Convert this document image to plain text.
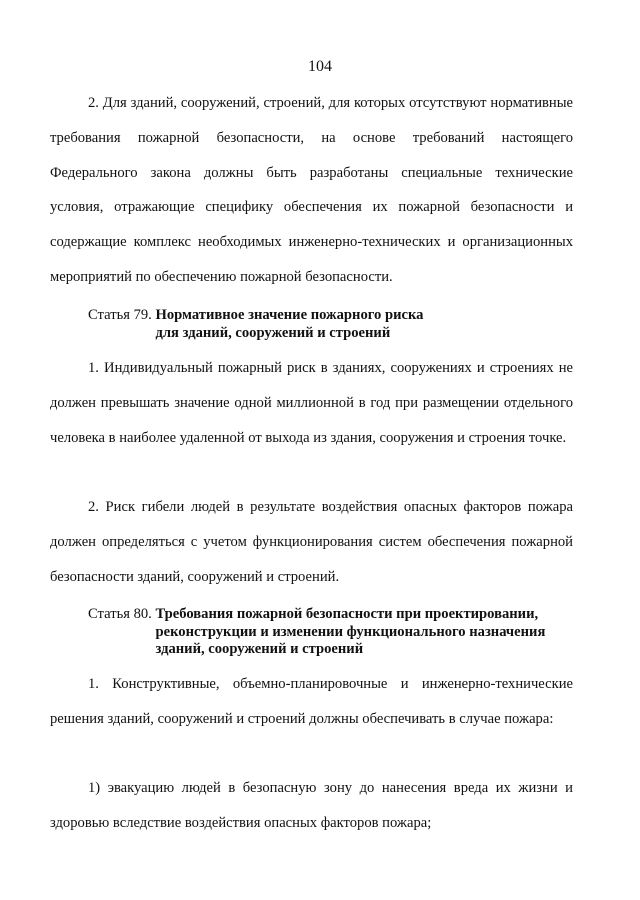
104

2. Для зданий, сооружений, строений, для которых отсутствуют нормативные требования пожарной безопасности, на основе требований настоящего Федерального закона должны быть разработаны специальные технические условия, отражающие специфику обеспечения их пожарной безопасности и содержащие комплекс необходимых инженерно-технических и организационных мероприятий по обеспечению пожарной безопасности.

Статья 79. Нормативное значение пожарного риска
для зданий, сооружений и строений

1. Индивидуальный пожарный риск в зданиях, сооружениях и строениях не должен превышать значение одной миллионной в год при размещении отдельного человека в наиболее удаленной от выхода из здания, сооружения и строения точке.

2. Риск гибели людей в результате воздействия опасных факторов пожара должен определяться с учетом функционирования систем обеспечения пожарной безопасности зданий, сооружений и строений.

Статья 80. Требования пожарной безопасности при проектировании,
реконструкции и изменении функционального назначения
зданий, сооружений и строений

1. Конструктивные, объемно-планировочные и инженерно-технические решения зданий, сооружений и строений должны обеспечивать в случае пожара:

1) эвакуацию людей в безопасную зону до нанесения вреда их жизни и здоровью вследствие воздействия опасных факторов пожара;
